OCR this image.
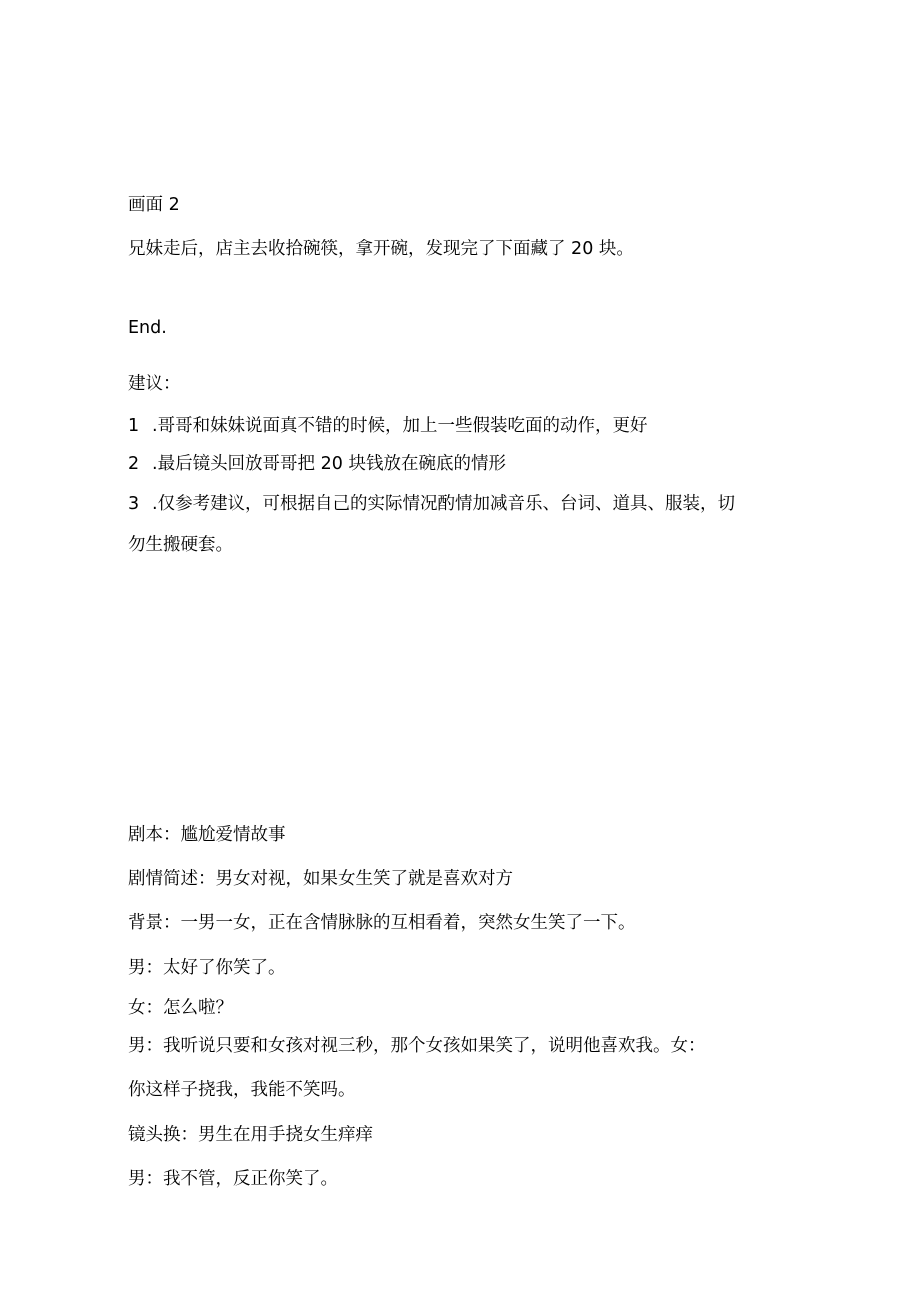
画面 2
兄妹走后，店主去收拾碗筷，拿开碗，发现完了下面藏了 20 块。
End.
建议：
1 .哥哥和妹妹说面真不错的时候，加上一些假装吃面的动作，更好
2 .最后镜头回放哥哥把 20 块钱放在碗底的情形
3 .仅参考建议，可根据自己的实际情况酌情加减音乐、台词、道具、服装，切
勿生搬硬套。
剧本：尴尬爱情故事
剧情简述：男女对视，如果女生笑了就是喜欢对方
背景：一男一女，正在含情脉脉的互相看着，突然女生笑了一下。
男：太好了你笑了。
女：怎么啦？
男：我听说只要和女孩对视三秒，那个女孩如果笑了，说明他喜欢我。女：
你这样子挠我，我能不笑吗。
镜头换：男生在用手挠女生痒痒
男：我不管，反正你笑了。
